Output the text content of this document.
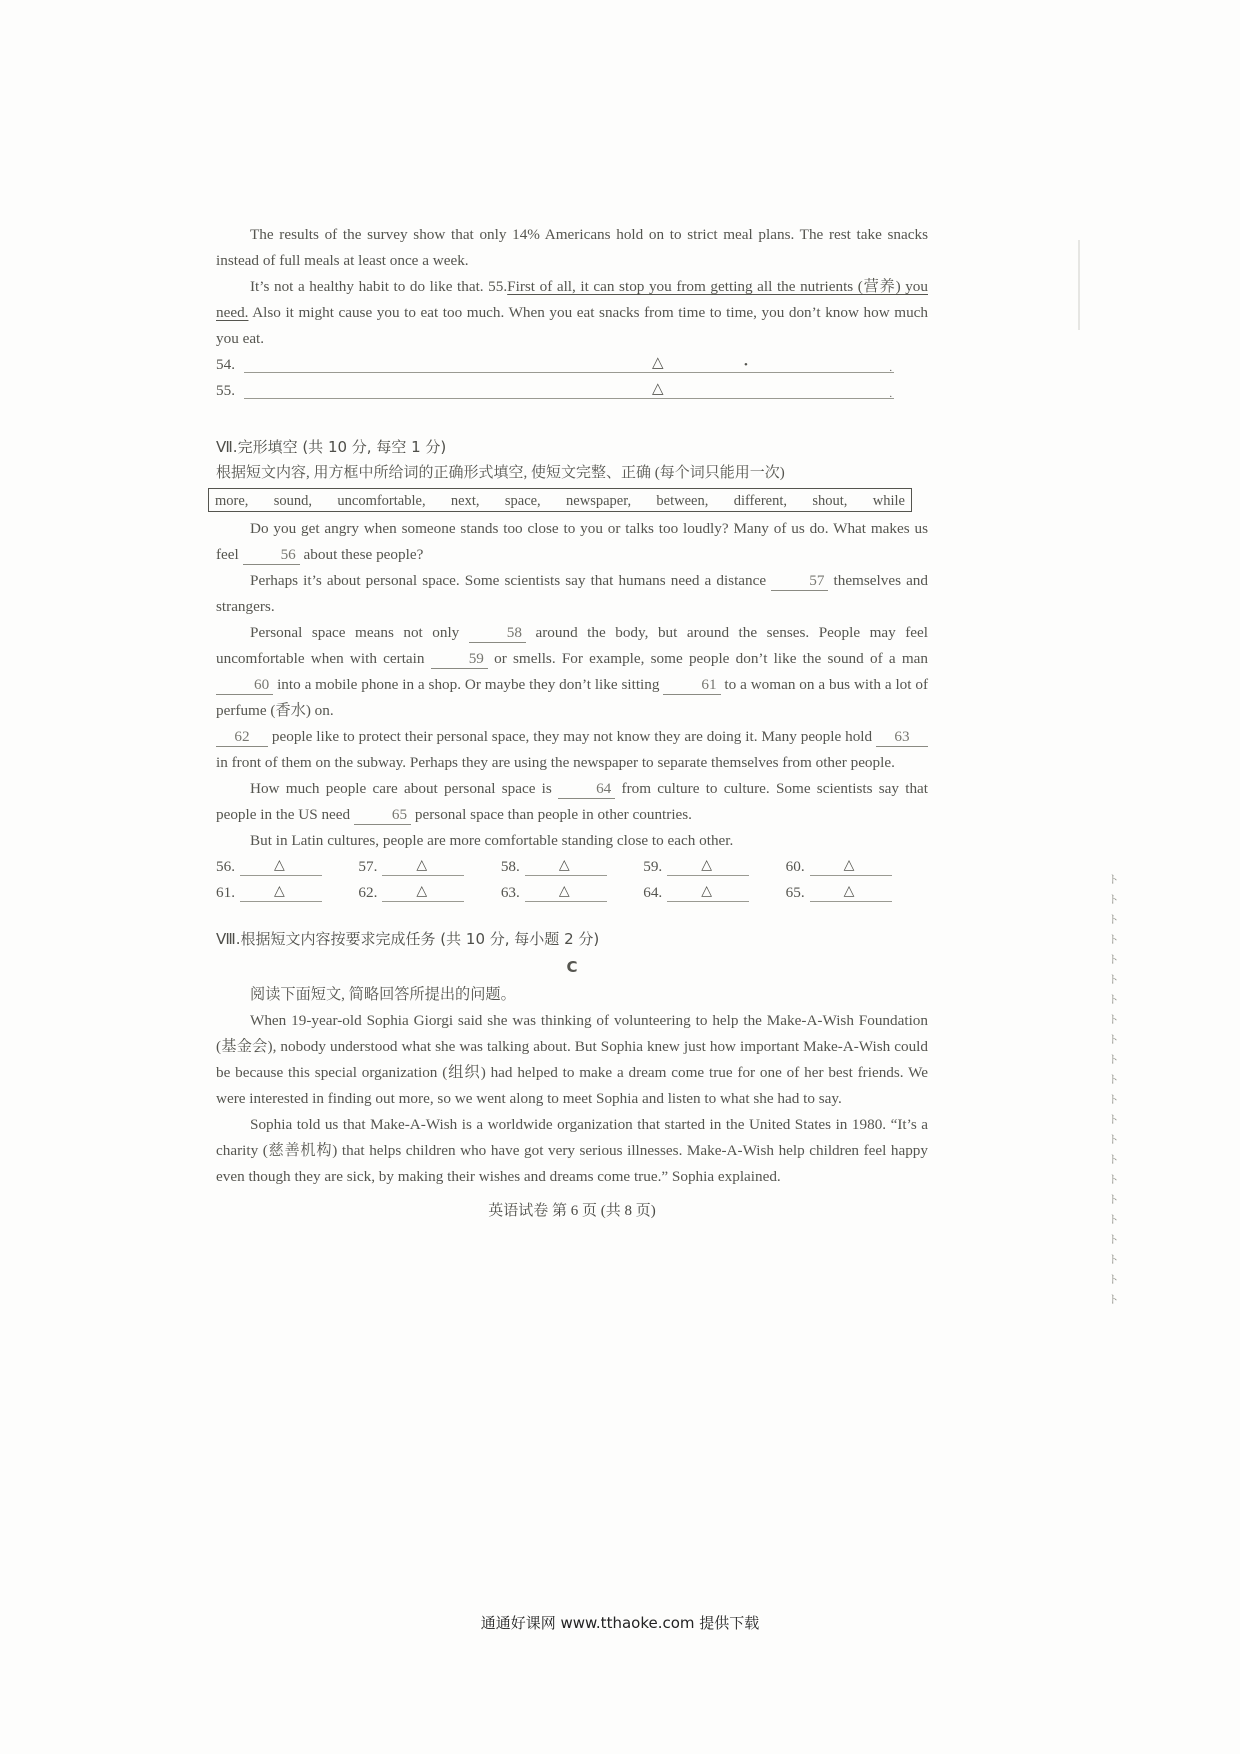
The results of the survey show that only 14% Americans hold on to strict meal plans. The rest take snacks instead of full meals at least once a week.

It’s not a healthy habit to do like that. 55.First of all, it can stop you from getting all the nutrients (营养) you need. Also it might cause you to eat too much. When you eat snacks from time to time, you don’t know how much you eat.

54.	△	•	.
55.	△	.

Ⅶ.完形填空 (共 10 分, 每空 1 分)

根据短文内容, 用方框中所给词的正确形式填空, 使短文完整、正确 (每个词只能用一次)

more, sound, uncomfortable, next, space, newspaper, between, different, shout, while

Do you get angry when someone stands too close to you or talks too loudly? Many of us do. What makes us feel	56 about these people?

Perhaps it’s about personal space. Some scientists say that humans need a distance	57 themselves and strangers.

Personal space means not only	58 around the body, but around the senses. People may feel uncomfortable when with certain	59 or smells. For example, some people don’t like the sound of a man 60 into a mobile phone in a shop. Or maybe they don’t like sitting	61 to a woman on a bus with a lot of perfume (香水) on.

62 people like to protect their personal space, they may not know they are doing it. Many people hold 63 in front of them on the subway. Perhaps they are using the newspaper to separate themselves from other people.

How much people care about personal space is	64 from culture to culture. Some scientists say that people in the US need	65 personal space than people in other countries.

But in Latin cultures, people are more comfortable standing close to each other.

56.	△	57.	△	58.	△	59.	△	60.	△
61.	△	62.	△	63.	△	64.	△	65.	△

Ⅷ.根据短文内容按要求完成任务 (共 10 分, 每小题 2 分)

C

阅读下面短文, 简略回答所提出的问题。

When 19-year-old Sophia Giorgi said she was thinking of volunteering to help the Make-A-Wish Foundation (基金会), nobody understood what she was talking about. But Sophia knew just how important Make-A-Wish could be because this special organization (组织) had helped to make a dream come true for one of her best friends. We were interested in finding out more, so we went along to meet Sophia and listen to what she had to say.

Sophia told us that Make-A-Wish is a worldwide organization that started in the United States in 1980. “It’s a charity (慈善机构) that helps children who have got very serious illnesses. Make-A-Wish help children feel happy even though they are sick, by making their wishes and dreams come true.” Sophia explained.

英语试卷 第 6 页 (共 8 页)

ト
ト
ト
ト
ト
ト
ト
ト
ト
ト
ト
ト
ト
ト
ト
ト
ト
ト
ト
ト
ト
ト
通通好课网 www.tthaoke.com 提供下载
